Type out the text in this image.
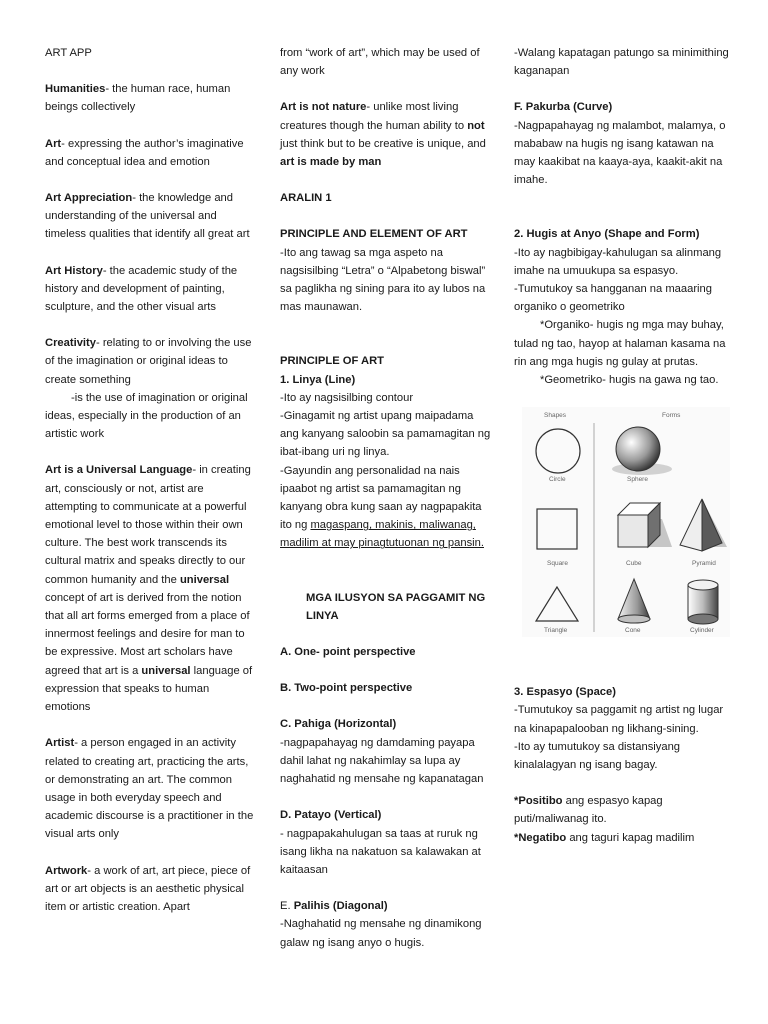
ART APP

Humanities- the human race, human beings collectively

Art- expressing the author’s imaginative and conceptual idea and emotion

Art Appreciation- the knowledge and understanding of the universal and timeless qualities that identify all great art

Art History- the academic study of the history and development of painting, sculpture, and the other visual arts

Creativity- relating to or involving the use of the imagination or original ideas to create something

-is the use of imagination or original ideas, especially in the production of an artistic work

Art is a Universal Language- in creating art, consciously or not, artist are attempting to communicate at a powerful emotional level to those within their own culture. The best work transcends its cultural matrix and speaks directly to our common humanity and the universal concept of art is derived from the notion that all art forms emerged from a place of innermost feelings and desire for man to be expressive. Most art scholars have agreed that art is a universal language of expression that speaks to human emotions

Artist- a person engaged in an activity related to creating art, practicing the arts, or demonstrating an art. The common usage in both everyday speech and academic discourse is a practitioner in the visual arts only

Artwork- a work of art, art piece, piece of art or art objects is an aesthetic physical item or artistic creation. Apart

from “work of art”, which may be used of any work

Art is not nature- unlike most living creatures though the human ability to not just think but to be creative is unique, and art is made by man

ARALIN 1

PRINCIPLE AND ELEMENT OF ART

-Ito ang tawag sa mga aspeto na nagsisilbing “Letra” o “Alpabetong biswal” sa paglikha ng sining para ito ay lubos na mas maunawan.

PRINCIPLE OF ART
1. Linya (Line)
-Ito ay nagsisilbing contour
-Ginagamit ng artist upang maipadama ang kanyang saloobin sa pamamagitan ng ibat-ibang uri ng linya.

-Gayundin ang personalidad na nais ipaabot ng artist sa pamamagitan ng kanyang obra kung saan ay nagpapakita ito ng magaspang, makinis, maliwanag, madilim at may pinagtutuonan ng pansin.

MGA ILUSYON SA PAGGAMIT NG LINYA

A. One- point perspective

B. Two-point perspective

C. Pahiga (Horizontal)

-nagpapahayag ng damdaming payapa dahil lahat ng nakahimlay sa lupa ay naghahatid ng mensahe ng kapanatagan

D. Patayo (Vertical)

- nagpapakahulugan sa taas at ruruk ng isang likha na nakatuon sa kalawakan at kaitaasan

E. Palihis (Diagonal)

-Naghahatid ng mensahe ng dinamikong galaw ng isang anyo o hugis.

-Walang kapatagan patungo sa minimithing kaganapan

F. Pakurba (Curve)

-Nagpapahayag ng malambot, malamya, o mababaw na hugis ng isang katawan na may kaakibat na kaaya-aya, kaakit-akit na imahe.

2. Hugis at Anyo (Shape and Form)
-Ito ay nagbibigay-kahulugan sa alinmang imahe na umuukupa sa espasyo.
-Tumutukoy sa hangganan na maaaring organiko o geometriko
*Organiko- hugis ng mga may buhay, tulad ng tao, hayop at halaman kasama na rin ang mga hugis ng gulay at prutas.

*Geometriko- hugis na gawa ng tao.

Shapes	Forms
Circle	Sphere
Square	Cube	Pyramid
Triangle	Cone	Cylinder
3. Espasyo (Space)
-Tumutukoy sa paggamit ng artist ng lugar na kinapapalooban ng likhang-sining.

-Ito ay tumutukoy sa distansiyang kinalalagyan ng isang bagay.

*Positibo ang espasyo kapag puti/maliwanag ito.
*Negatibo ang taguri kapag madilim
